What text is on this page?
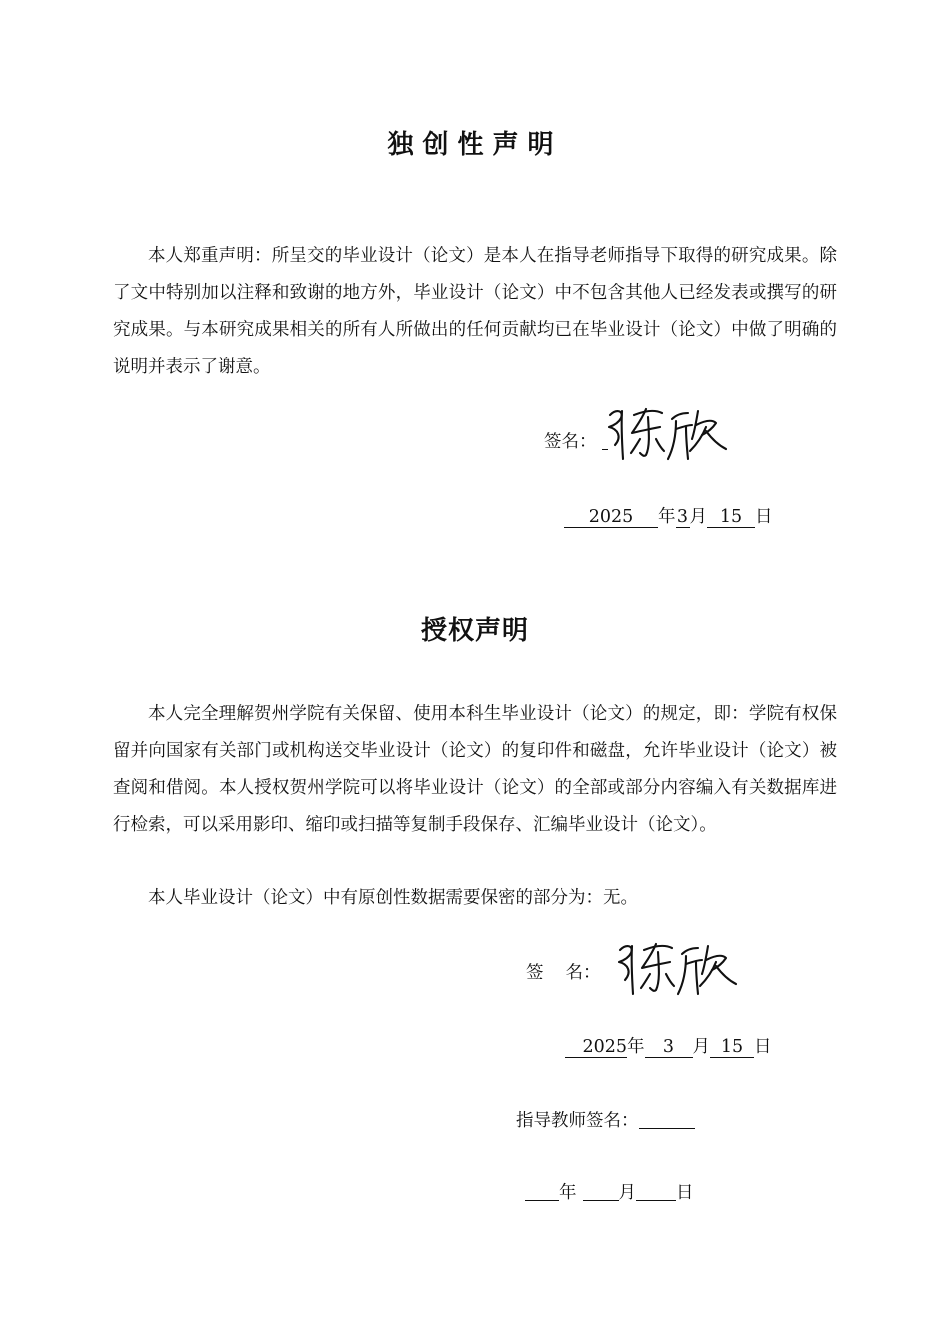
独创性声明

本人郑重声明：所呈交的毕业设计（论文）是本人在指导老师指导下取得的研究成果。除了文中特别加以注释和致谢的地方外，毕业设计（论文）中不包含其他人已经发表或撰写的研究成果。与本研究成果相关的所有人所做出的任何贡献均已在毕业设计（论文）中做了明确的说明并表示了谢意。

签名：
2025 年3月 15 日
授权声明

本人完全理解贺州学院有关保留、使用本科生毕业设计（论文）的规定，即：学院有权保留并向国家有关部门或机构送交毕业设计（论文）的复印件和磁盘，允许毕业设计（论文）被查阅和借阅。本人授权贺州学院可以将毕业设计（论文）的全部或部分内容编入有关数据库进行检索，可以采用影印、缩印或扫描等复制手段保存、汇编毕业设计（论文）。

本人毕业设计（论文）中有原创性数据需要保密的部分为：无。

签 名：
2025年 3 月 15 日
指导教师签名：
年 月 日
